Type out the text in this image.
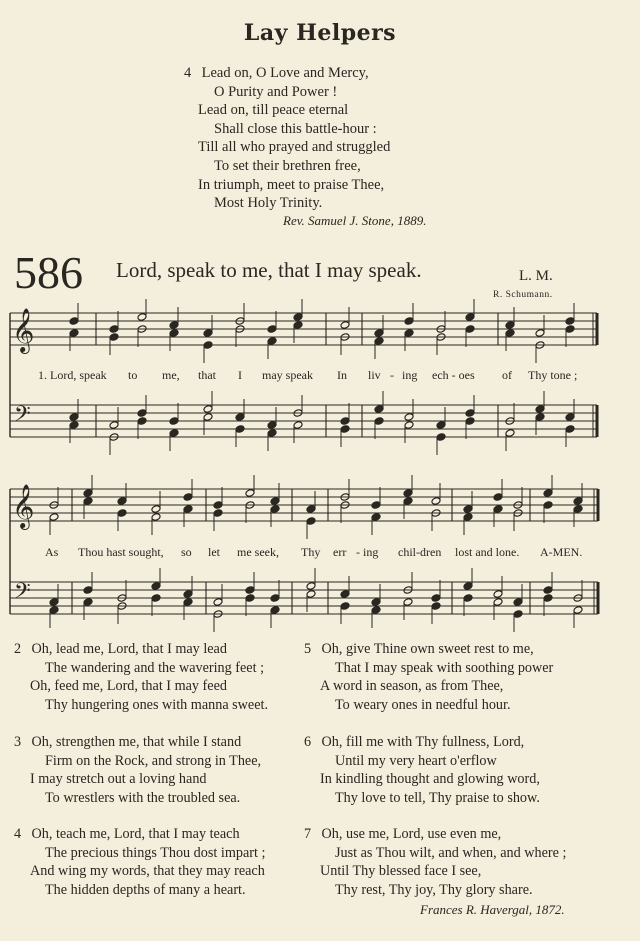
Lay Helpers
4 Lead on, O Love and Mercy,
O Purity and Power !
Lead on, till peace eternal
Shall close this battle-hour :
Till all who prayed and struggled
To set their brethren free,
In triumph, meet to praise Thee,
Most Holy Trinity.
Rev. Samuel J. Stone, 1889.
586 Lord, speak to me, that I may speak.	L. M.
R. Schumann.
𝄞
𝄢
𝄞
𝄢
1. Lord, speak to me, that I may speak In liv - ing ech - oes of Thy tone ;
As Thou hast sought, so let me seek, Thy err - ing chil-dren lost and lone. A-MEN.
2 Oh, lead me, Lord, that I may lead
The wandering and the wavering feet ;
Oh, feed me, Lord, that I may feed
Thy hungering ones with manna sweet.
3 Oh, strengthen me, that while I stand
Firm on the Rock, and strong in Thee,
I may stretch out a loving hand
To wrestlers with the troubled sea.
4 Oh, teach me, Lord, that I may teach
The precious things Thou dost impart ;
And wing my words, that they may reach
The hidden depths of many a heart.
5 Oh, give Thine own sweet rest to me,
That I may speak with soothing power
A word in season, as from Thee,
To weary ones in needful hour.
6 Oh, fill me with Thy fullness, Lord,
Until my very heart o'erflow
In kindling thought and glowing word,
Thy love to tell, Thy praise to show.
7 Oh, use me, Lord, use even me,
Just as Thou wilt, and when, and where ;
Until Thy blessed face I see,
Thy rest, Thy joy, Thy glory share.
Frances R. Havergal, 1872.
